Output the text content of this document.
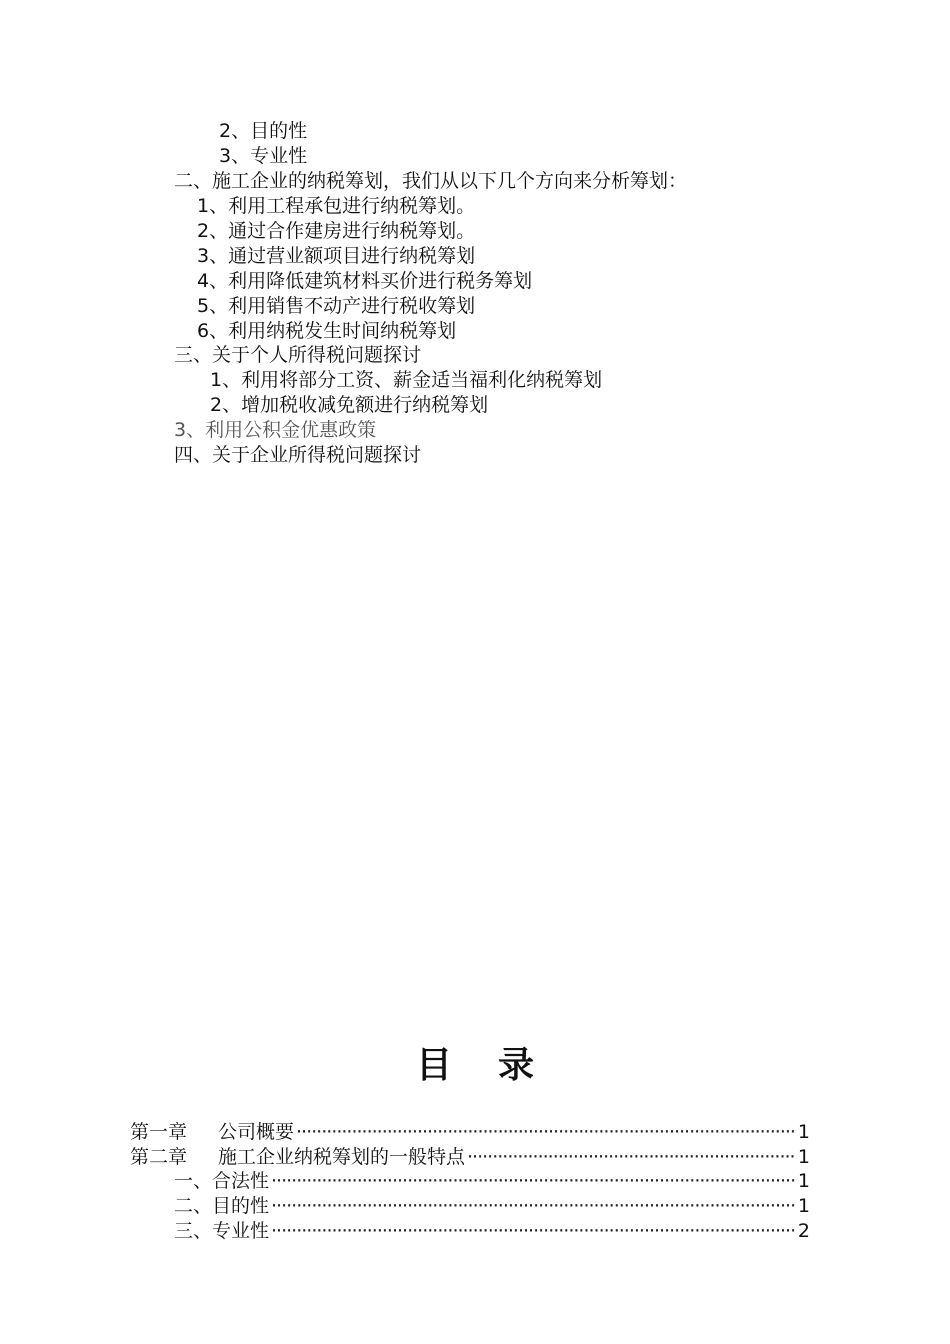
2、目的性
3、专业性
二、施工企业的纳税筹划，我们从以下几个方向来分析筹划：
1、利用工程承包进行纳税筹划。
2、通过合作建房进行纳税筹划。
3、通过营业额项目进行纳税筹划
4、利用降低建筑材料买价进行税务筹划
5、利用销售不动产进行税收筹划
6、利用纳税发生时间纳税筹划
三、关于个人所得税问题探讨
1、利用将部分工资、薪金适当福利化纳税筹划
2、增加税收减免额进行纳税筹划
3、利用公积金优惠政策
四、关于企业所得税问题探讨
目录
第一章 公司概要 ·····	1
第二章 施工企业纳税筹划的一般特点 ·····	1
一、合法性 ·····	1
二、目的性 ·····	1
三、专业性 ·····	2
